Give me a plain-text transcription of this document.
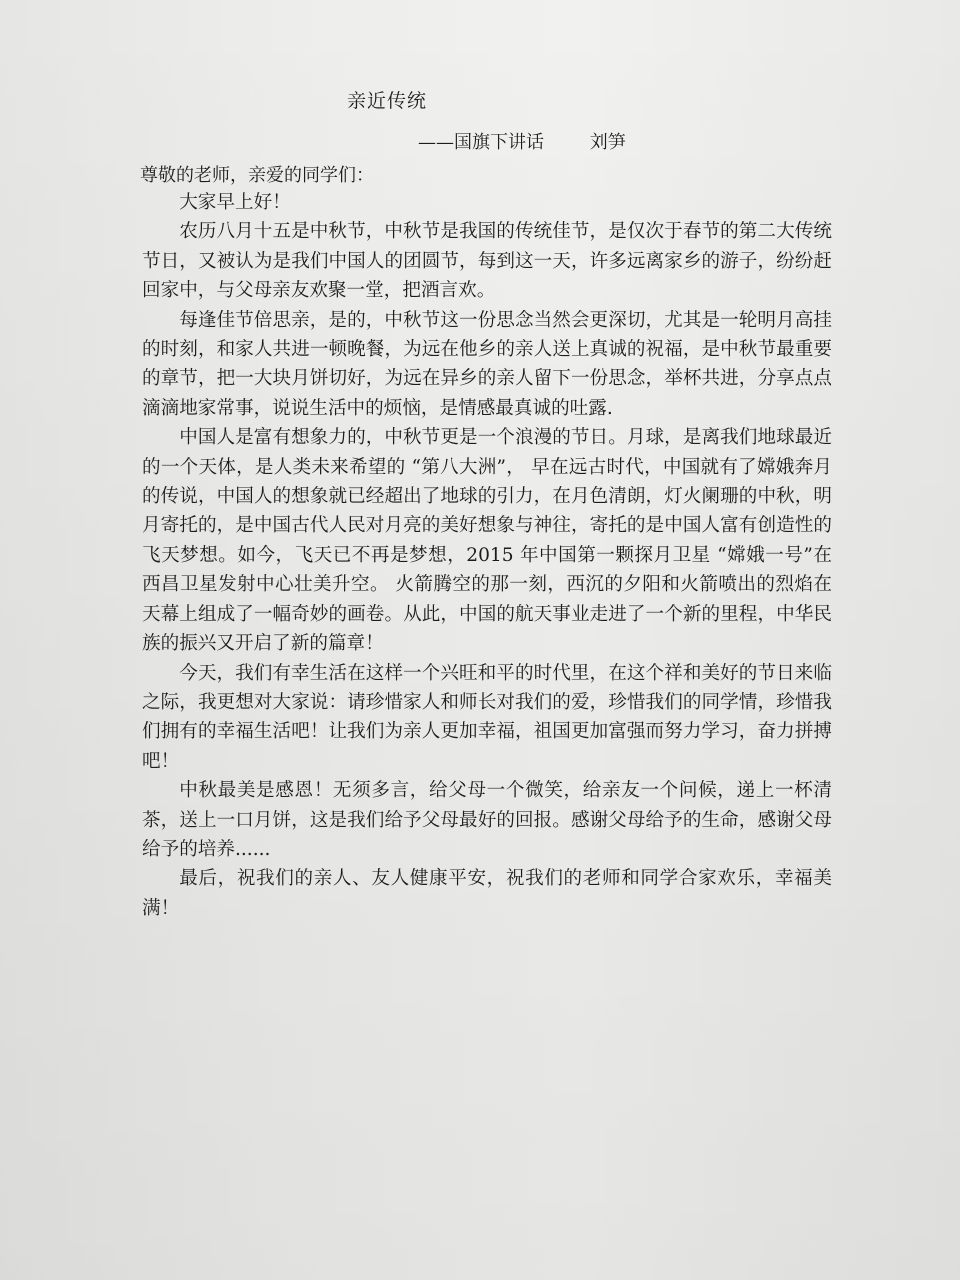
亲近传统
——国旗下讲话        刘笋
尊敬的老师，亲爱的同学们：

大家早上好！

农历八月十五是中秋节，中秋节是我国的传统佳节，是仅次于春节的第二大传统节日，又被认为是我们中国人的团圆节，每到这一天，许多远离家乡的游子，纷纷赶回家中，与父母亲友欢聚一堂，把酒言欢。

每逢佳节倍思亲，是的，中秋节这一份思念当然会更深切，尤其是一轮明月高挂的时刻，和家人共进一顿晚餐，为远在他乡的亲人送上真诚的祝福，是中秋节最重要的章节，把一大块月饼切好，为远在异乡的亲人留下一份思念，举杯共进，分享点点滴滴地家常事，说说生活中的烦恼，是情感最真诚的吐露.

中国人是富有想象力的，中秋节更是一个浪漫的节日。月球，是离我们地球最近的一个天体，是人类未来希望的 “第八大洲”， 早在远古时代，中国就有了嫦娥奔月的传说，中国人的想象就已经超出了地球的引力，在月色清朗，灯火阑珊的中秋，明月寄托的，是中国古代人民对月亮的美好想象与神往，寄托的是中国人富有创造性的飞天梦想。如今，飞天已不再是梦想，2015 年中国第一颗探月卫星 “嫦娥一号”在西昌卫星发射中心壮美升空。 火箭腾空的那一刻，西沉的夕阳和火箭喷出的烈焰在天幕上组成了一幅奇妙的画卷。从此，中国的航天事业走进了一个新的里程，中华民族的振兴又开启了新的篇章！

今天，我们有幸生活在这样一个兴旺和平的时代里，在这个祥和美好的节日来临之际，我更想对大家说：请珍惜家人和师长对我们的爱，珍惜我们的同学情，珍惜我们拥有的幸福生活吧！让我们为亲人更加幸福，祖国更加富强而努力学习，奋力拼搏吧！

中秋最美是感恩！无须多言，给父母一个微笑，给亲友一个问候，递上一杯清茶，送上一口月饼，这是我们给予父母最好的回报。感谢父母给予的生命，感谢父母给予的培养......

最后，祝我们的亲人、友人健康平安，祝我们的老师和同学合家欢乐，幸福美满！
